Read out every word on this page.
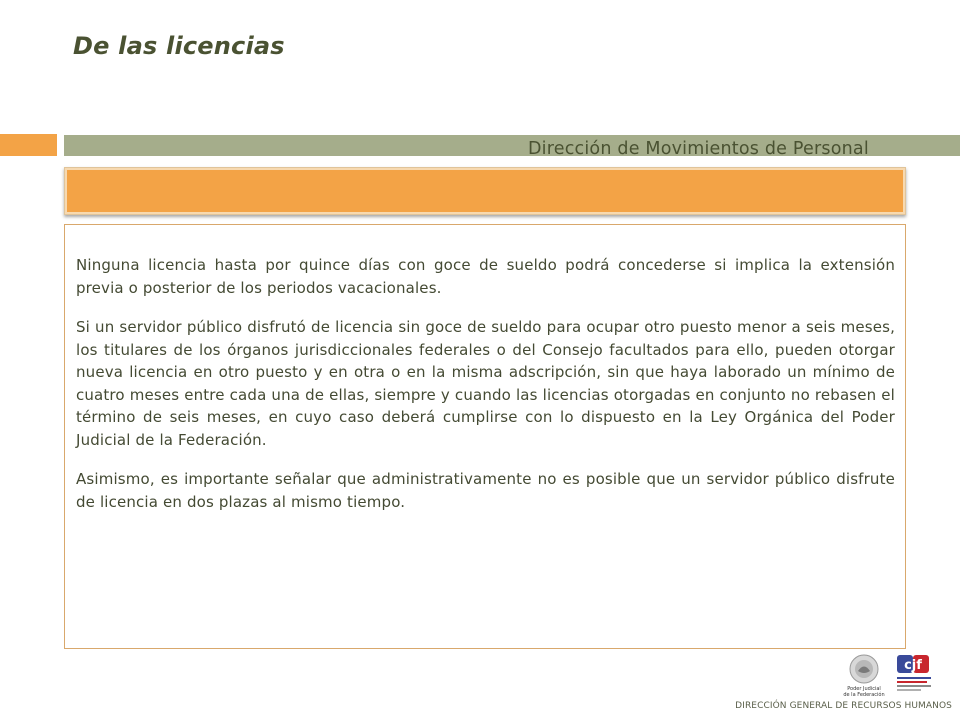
De las licencias
Dirección de Movimientos de Personal

Ninguna licencia hasta por quince días con goce de sueldo podrá concederse si implica la extensión previa o posterior de los periodos vacacionales.

Si un servidor público disfrutó de licencia sin goce de sueldo para ocupar otro puesto menor a seis meses, los titulares de los órganos jurisdiccionales federales o del Consejo facultados para ello, pueden otorgar nueva licencia en otro puesto y en otra o en la misma adscripción, sin que haya laborado un mínimo de cuatro meses entre cada una de ellas, siempre y cuando las licencias otorgadas en conjunto no rebasen el término de seis meses, en cuyo caso deberá cumplirse con lo dispuesto en la Ley Orgánica del Poder Judicial de la Federación.

Asimismo, es importante señalar que administrativamente no es posible que un servidor público disfrute de licencia en dos plazas al mismo tiempo.

Poder Judicial
de la Federación
cjf
DIRECCIÓN GENERAL DE RECURSOS HUMANOS
